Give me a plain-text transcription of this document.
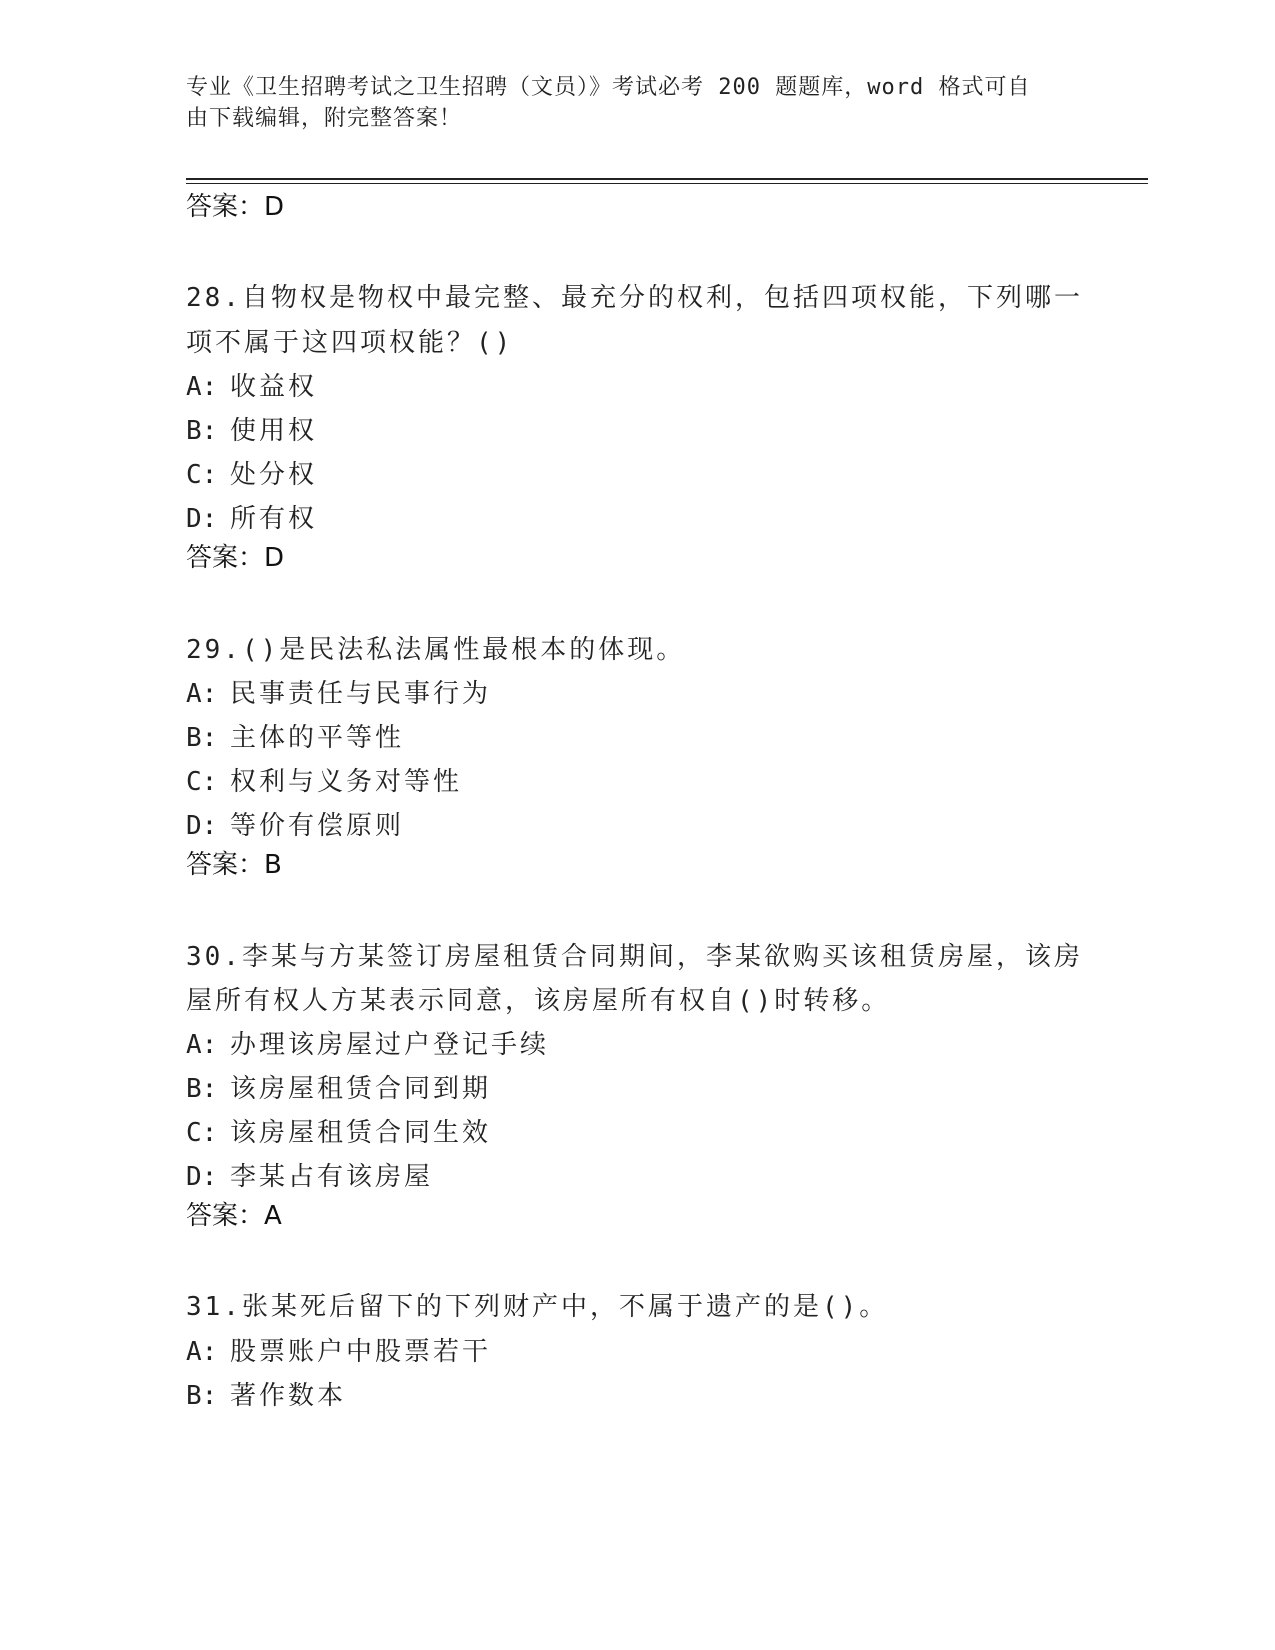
专业《卫生招聘考试之卫生招聘（文员）》考试必考 200 题题库，word 格式可自
由下载编辑，附完整答案！
答案：D
28.自物权是物权中最完整、最充分的权利，包括四项权能，下列哪一
项不属于这四项权能？()
A: 收益权
B: 使用权
C: 处分权
D: 所有权
答案：D
29.()是民法私法属性最根本的体现。
A: 民事责任与民事行为
B: 主体的平等性
C: 权利与义务对等性
D: 等价有偿原则
答案：B
30.李某与方某签订房屋租赁合同期间，李某欲购买该租赁房屋，该房
屋所有权人方某表示同意，该房屋所有权自()时转移。
A: 办理该房屋过户登记手续
B: 该房屋租赁合同到期
C: 该房屋租赁合同生效
D: 李某占有该房屋
答案：A
31.张某死后留下的下列财产中，不属于遗产的是()。
A: 股票账户中股票若干
B: 著作数本
